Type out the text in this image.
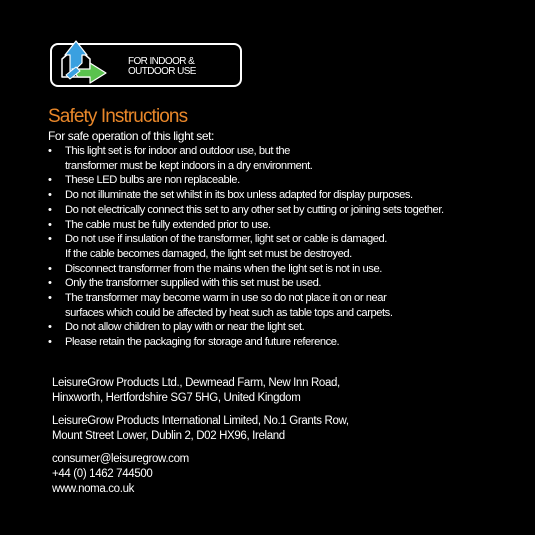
FOR INDOOR &
OUTDOOR USE
Safety Instructions

For safe operation of this light set:

• This light set is for indoor and outdoor use, but the
transformer must be kept indoors in a dry environment.
• These LED bulbs are non replaceable.
• Do not illuminate the set whilst in its box unless adapted for display purposes.
• Do not electrically connect this set to any other set by cutting or joining sets together.
• The cable must be fully extended prior to use.
• Do not use if insulation of the transformer, light set or cable is damaged.
If the cable becomes damaged, the light set must be destroyed.
• Disconnect transformer from the mains when the light set is not in use.
• Only the transformer supplied with this set must be used.
• The transformer may become warm in use so do not place it on or near
surfaces which could be affected by heat such as table tops and carpets.
• Do not allow children to play with or near the light set.
• Please retain the packaging for storage and future reference.
LeisureGrow Products Ltd., Dewmead Farm, New Inn Road,
Hinxworth, Hertfordshire SG7 5HG, United Kingdom
LeisureGrow Products International Limited, No.1 Grants Row,
Mount Street Lower, Dublin 2, D02 HX96, Ireland
consumer@leisuregrow.com
+44 (0) 1462 744500
www.noma.co.uk
